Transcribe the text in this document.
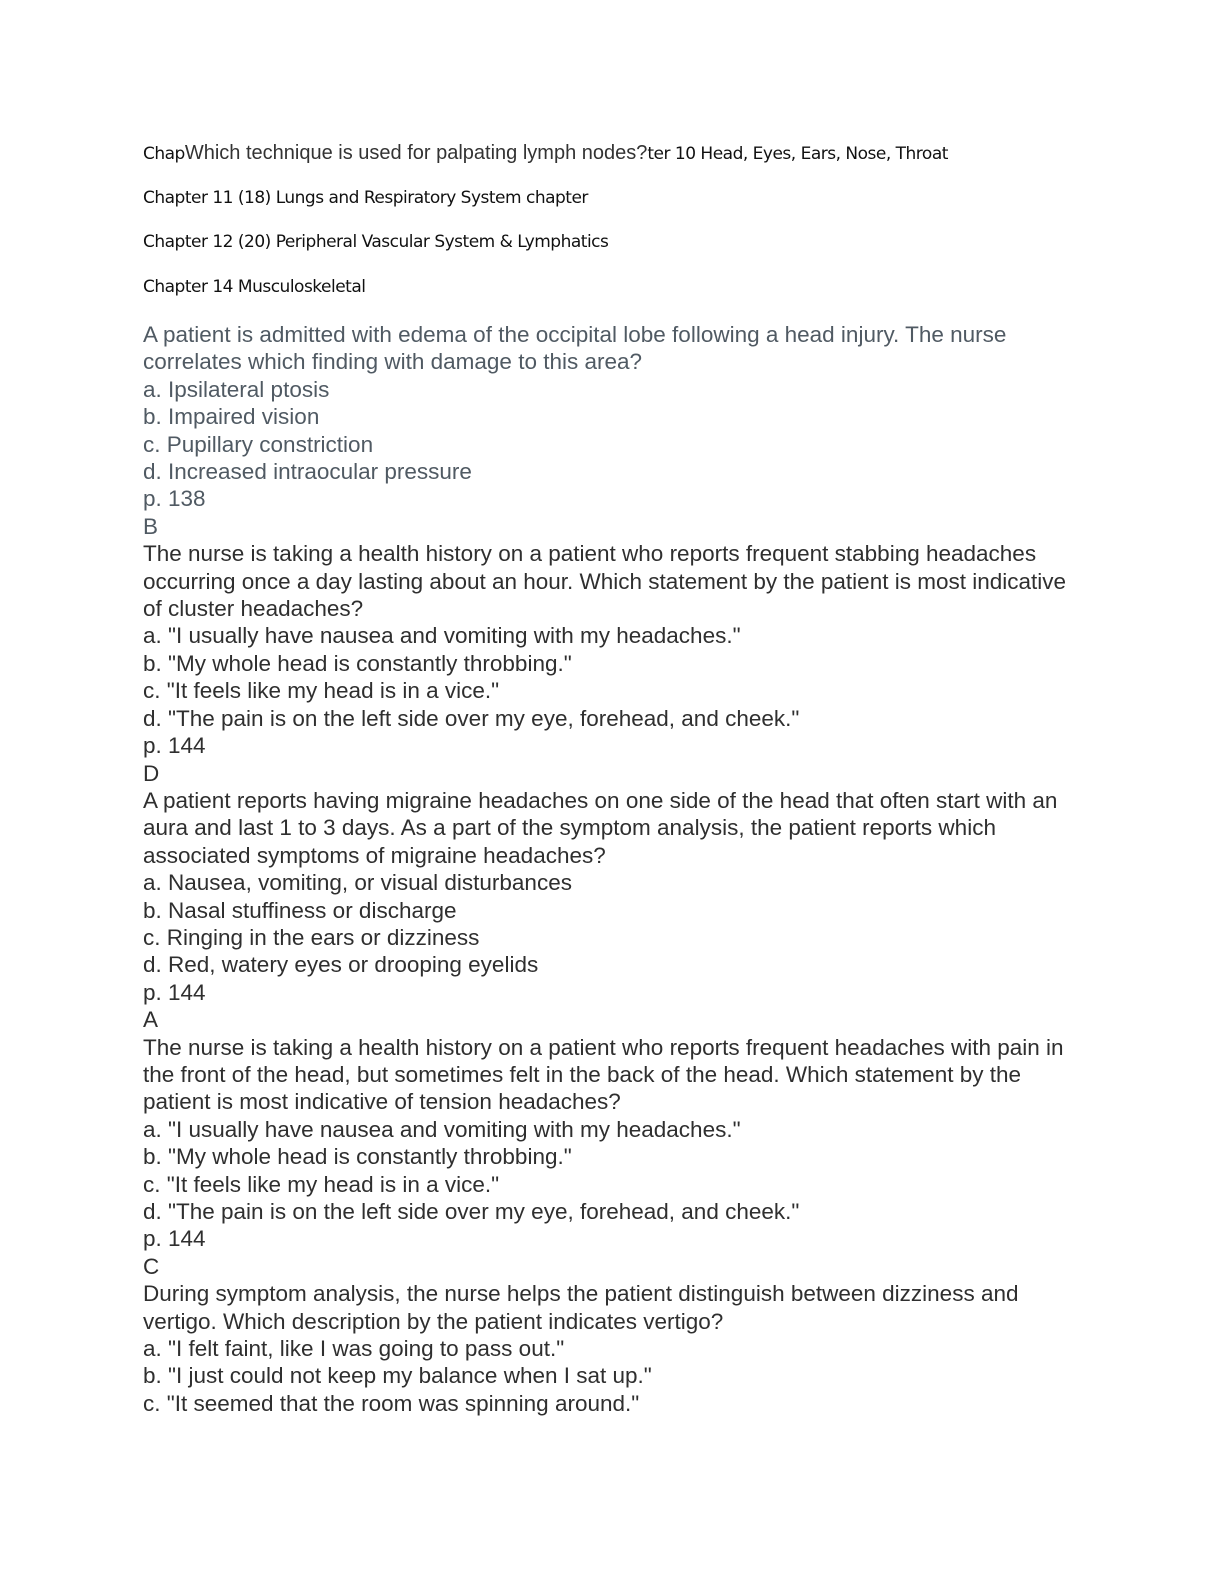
ChapWhich technique is used for palpating lymph nodes?ter 10 Head, Eyes, Ears, Nose, Throat
Chapter 11 (18) Lungs and Respiratory System chapter
Chapter 12 (20) Peripheral Vascular System & Lymphatics
Chapter 14 Musculoskeletal
A patient is admitted with edema of the occipital lobe following a head injury. The nurse correlates which finding with damage to this area?
a. Ipsilateral ptosis
b. Impaired vision
c. Pupillary constriction
d. Increased intraocular pressure
p. 138
B
The nurse is taking a health history on a patient who reports frequent stabbing headaches occurring once a day lasting about an hour. Which statement by the patient is most indicative of cluster headaches?
a. "I usually have nausea and vomiting with my headaches."
b. "My whole head is constantly throbbing."
c. "It feels like my head is in a vice."
d. "The pain is on the left side over my eye, forehead, and cheek."
p. 144
D
A patient reports having migraine headaches on one side of the head that often start with an aura and last 1 to 3 days. As a part of the symptom analysis, the patient reports which associated symptoms of migraine headaches?
a. Nausea, vomiting, or visual disturbances
b. Nasal stuffiness or discharge
c. Ringing in the ears or dizziness
d. Red, watery eyes or drooping eyelids
p. 144
A
The nurse is taking a health history on a patient who reports frequent headaches with pain in the front of the head, but sometimes felt in the back of the head. Which statement by the patient is most indicative of tension headaches?
a. "I usually have nausea and vomiting with my headaches."
b. "My whole head is constantly throbbing."
c. "It feels like my head is in a vice."
d. "The pain is on the left side over my eye, forehead, and cheek."
p. 144
C
During symptom analysis, the nurse helps the patient distinguish between dizziness and vertigo. Which description by the patient indicates vertigo?
a. "I felt faint, like I was going to pass out."
b. "I just could not keep my balance when I sat up."
c. "It seemed that the room was spinning around."
